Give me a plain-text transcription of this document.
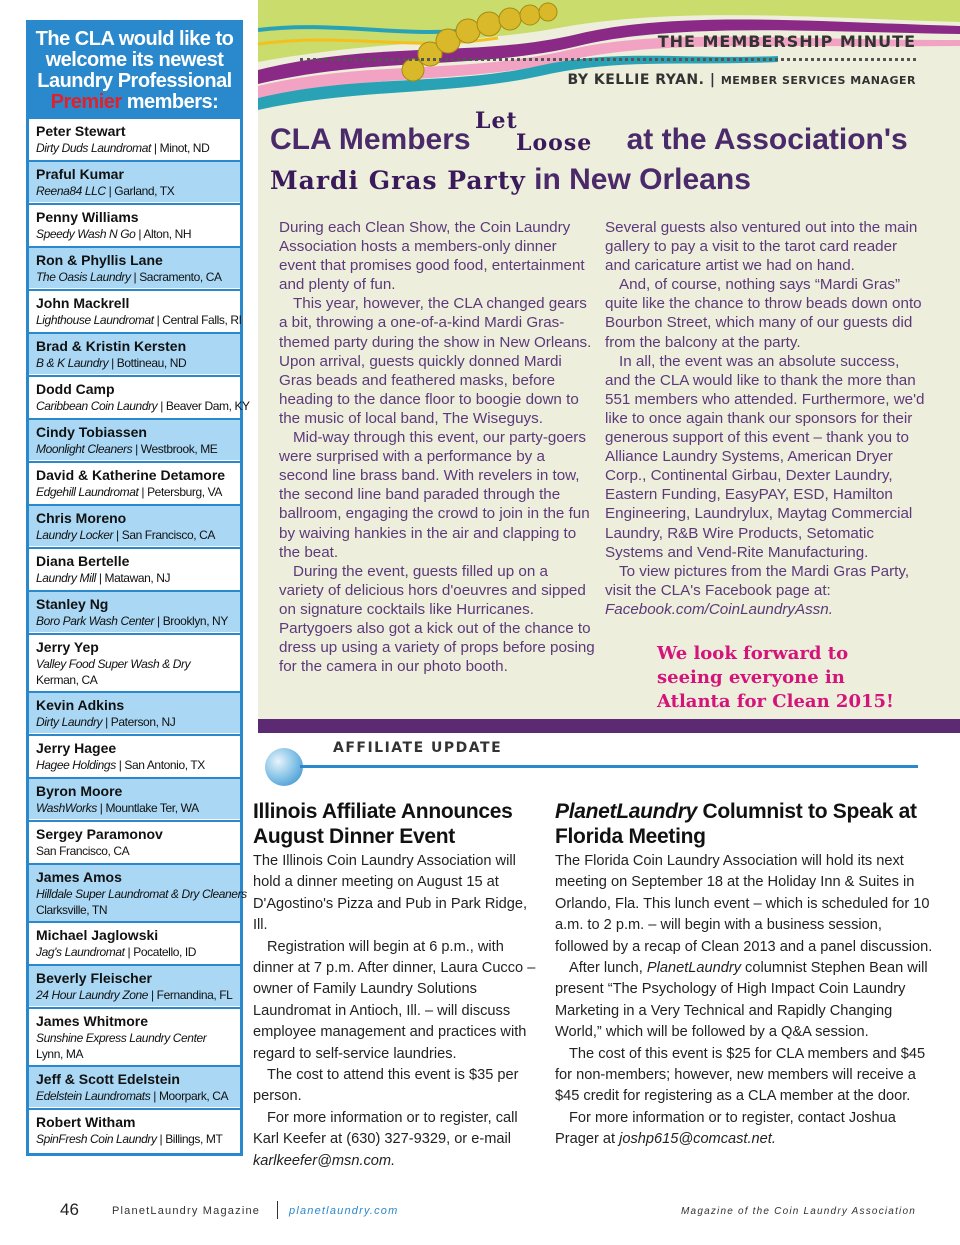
The CLA would like to
welcome its newest
Laundry Professional
Premier members:
Peter Stewart
Dirty Duds Laundromat | Minot, ND
Praful Kumar
Reena84 LLC | Garland, TX
Penny Williams
Speedy Wash N Go | Alton, NH
Ron & Phyllis Lane
The Oasis Laundry | Sacramento, CA
John Mackrell
Lighthouse Laundromat | Central Falls, RI
Brad & Kristin Kersten
B & K Laundry | Bottineau, ND
Dodd Camp
Caribbean Coin Laundry | Beaver Dam, KY
Cindy Tobiassen
Moonlight Cleaners | Westbrook, ME
David & Katherine Detamore
Edgehill Laundromat | Petersburg, VA
Chris Moreno
Laundry Locker | San Francisco, CA
Diana Bertelle
Laundry Mill | Matawan, NJ
Stanley Ng
Boro Park Wash Center | Brooklyn, NY
Jerry Yep
Valley Food Super Wash & Dry
Kerman, CA
Kevin Adkins
Dirty Laundry | Paterson, NJ
Jerry Hagee
Hagee Holdings | San Antonio, TX
Byron Moore
WashWorks | Mountlake Ter, WA
Sergey Paramonov
San Francisco, CA
James Amos
Hilldale Super Laundromat & Dry Cleaners
Clarksville, TN
Michael Jaglowski
Jag's Laundromat | Pocatello, ID
Beverly Fleischer
24 Hour Laundry Zone | Fernandina, FL
James Whitmore
Sunshine Express Laundry Center
Lynn, MA
Jeff & Scott Edelstein
Edelstein Laundromats | Moorpark, CA
Robert Witham
SpinFresh Coin Laundry | Billings, MT
THE MEMBERSHIP MINUTE
BY KELLIE RYAN. | MEMBER SERVICES MANAGER
CLA Members	at the Association's
Mardi Gras Party in New Orleans
Let
Loose

During each Clean Show, the Coin Laundry Association hosts a members-only dinner event that promises good food, entertainment and plenty of fun.

This year, however, the CLA changed gears a bit, throwing a one-of-a-kind Mardi Gras-themed party during the show in New Orleans. Upon arrival, guests quickly donned Mardi Gras beads and feathered masks, before heading to the dance floor to boogie down to the music of local band, The Wiseguys.

Mid-way through this event, our party-goers were surprised with a performance by a second line brass band. With revelers in tow, the second line band paraded through the ballroom, engaging the crowd to join in the fun by waiving hankies in the air and clapping to the beat.

During the event, guests filled up on a variety of delicious hors d'oeuvres and sipped on signature cocktails like Hurricanes. Partygoers also got a kick out of the chance to dress up using a variety of props before posing for the camera in our photo booth.

Several guests also ventured out into the main gallery to pay a visit to the tarot card reader and caricature artist we had on hand.

And, of course, nothing says “Mardi Gras” quite like the chance to throw beads down onto Bourbon Street, which many of our guests did from the balcony at the party.

In all, the event was an absolute success, and the CLA would like to thank the more than 551 members who attended. Furthermore, we'd like to once again thank our sponsors for their generous support of this event – thank you to Alliance Laundry Systems, American Dryer Corp., Continental Girbau, Dexter Laundry, Eastern Funding, EasyPAY, ESD, Hamilton Engineering, Laundrylux, Maytag Commercial Laundry, R&B Wire Products, Setomatic Systems and Vend-Rite Manufacturing.

To view pictures from the Mardi Gras Party, visit the CLA's Facebook page at:

Facebook.com/CoinLaundryAssn.

We look forward to
seeing everyone in
Atlanta for Clean 2015!
AFFILIATE UPDATE
Illinois Affiliate Announces August Dinner Event

The Illinois Coin Laundry Association will hold a dinner meeting on August 15 at D'Agostino's Pizza and Pub in Park Ridge, Ill.

Registration will begin at 6 p.m., with dinner at 7 p.m. After dinner, Laura Cucco – owner of Family Laundry Solutions Laundromat in Antioch, Ill. – will discuss employee management and practices with regard to self-service laundries.

The cost to attend this event is $35 per person.

For more information or to register, call Karl Keefer at (630) 327-9329, or e-mail

karlkeefer@msn.com.

PlanetLaundry Columnist to Speak at Florida Meeting

The Florida Coin Laundry Association will hold its next meeting on September 18 at the Holiday Inn & Suites in Orlando, Fla. This lunch event – which is scheduled for 10 a.m. to 2 p.m. – will begin with a business session, followed by a recap of Clean 2013 and a panel discussion.

After lunch, PlanetLaundry columnist Stephen Bean will present “The Psychology of High Impact Coin Laundry Marketing in a Very Technical and Rapidly Changing World,” which will be followed by a Q&A session.

The cost of this event is $25 for CLA members and $45 for non-members; however, new members will receive a $45 credit for registering as a CLA member at the door.

For more information or to register, contact Joshua Prager at joshp615@comcast.net.

46	PlanetLaundry Magazine	planetlaundry.com	Magazine of the Coin Laundry Association
